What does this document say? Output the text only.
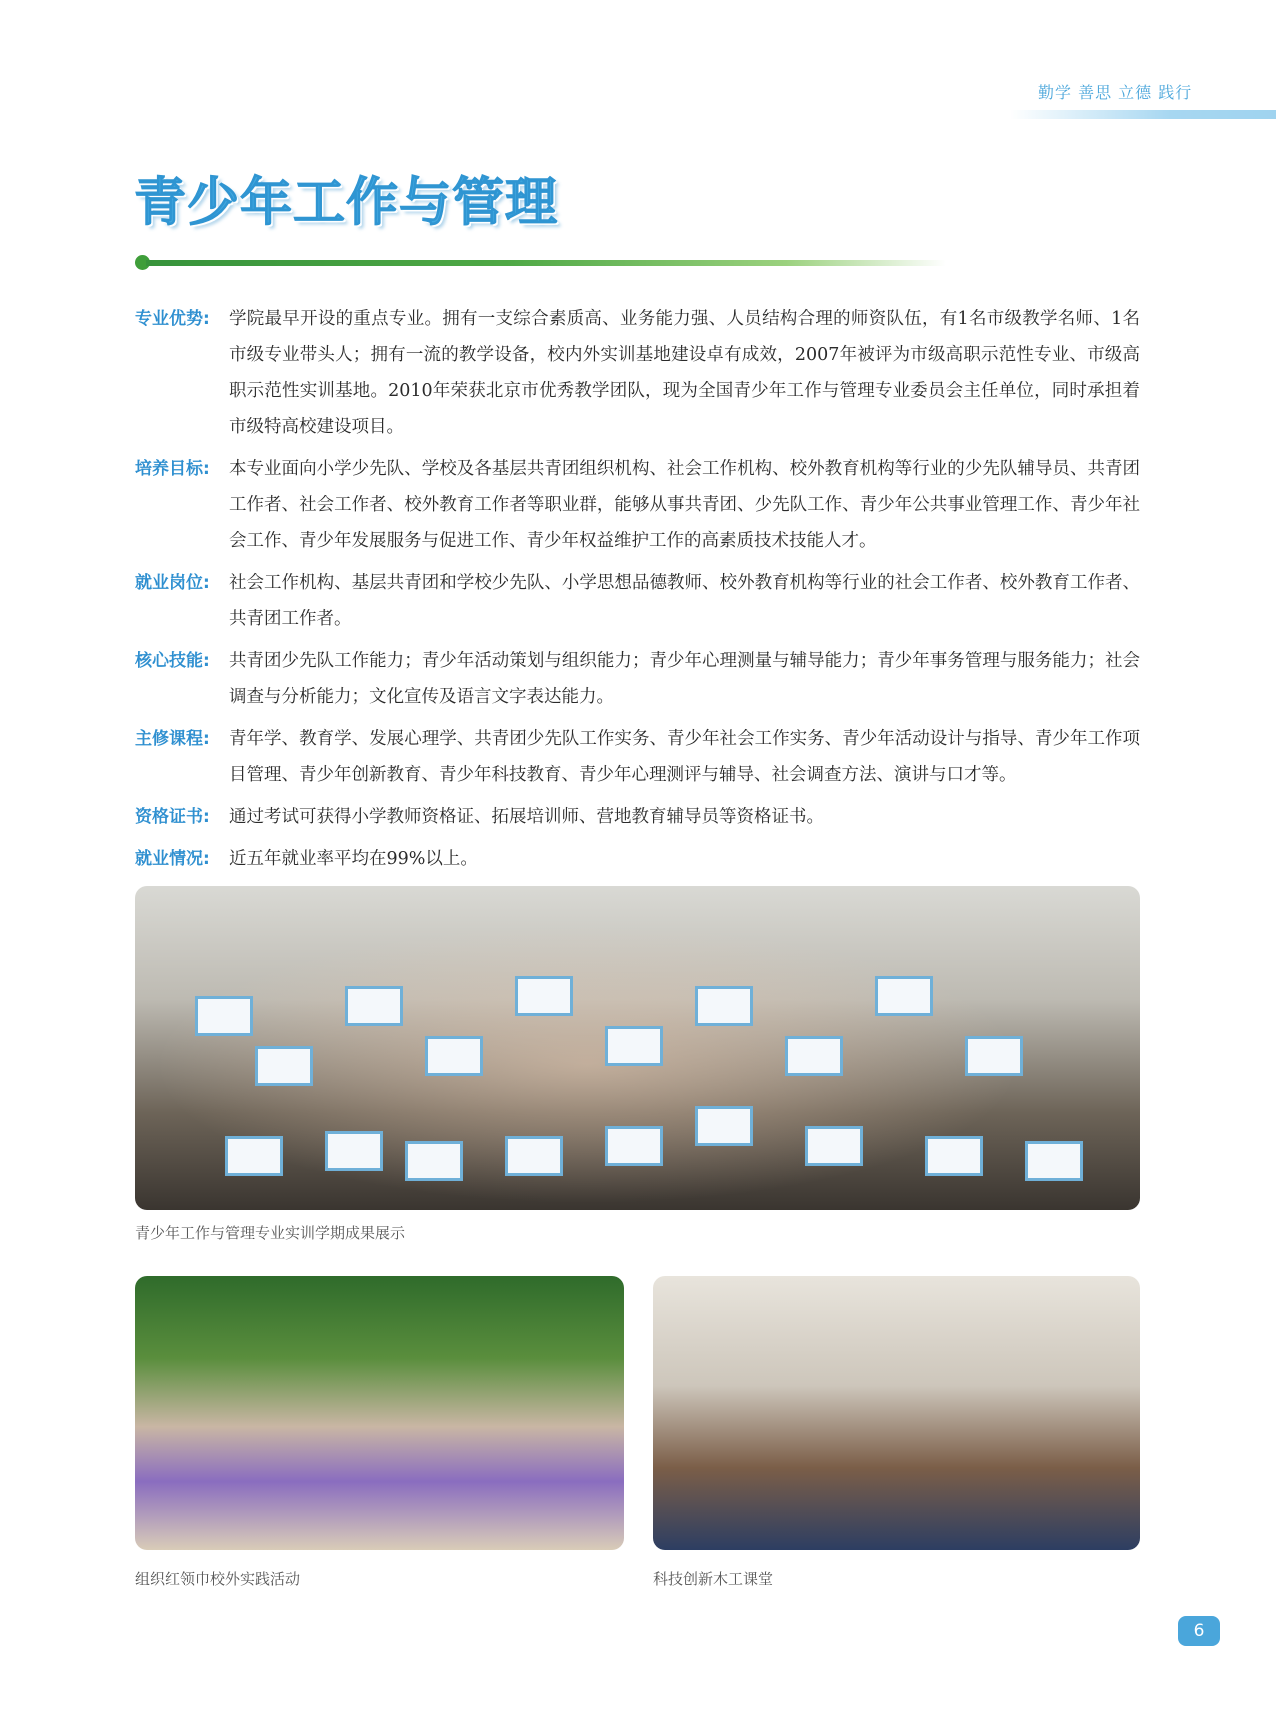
勤学 善思 立德 践行
青少年工作与管理
专业优势:	学院最早开设的重点专业。拥有一支综合素质高、业务能力强、人员结构合理的师资队伍，有1名市级教学名师、1名市级专业带头人；拥有一流的教学设备，校内外实训基地建设卓有成效，2007年被评为市级高职示范性专业、市级高职示范性实训基地。2010年荣获北京市优秀教学团队，现为全国青少年工作与管理专业委员会主任单位，同时承担着市级特高校建设项目。
培养目标:	本专业面向小学少先队、学校及各基层共青团组织机构、社会工作机构、校外教育机构等行业的少先队辅导员、共青团工作者、社会工作者、校外教育工作者等职业群，能够从事共青团、少先队工作、青少年公共事业管理工作、青少年社会工作、青少年发展服务与促进工作、青少年权益维护工作的高素质技术技能人才。
就业岗位:	社会工作机构、基层共青团和学校少先队、小学思想品德教师、校外教育机构等行业的社会工作者、校外教育工作者、共青团工作者。
核心技能:	共青团少先队工作能力；青少年活动策划与组织能力；青少年心理测量与辅导能力；青少年事务管理与服务能力；社会调查与分析能力；文化宣传及语言文字表达能力。
主修课程:	青年学、教育学、发展心理学、共青团少先队工作实务、青少年社会工作实务、青少年活动设计与指导、青少年工作项目管理、青少年创新教育、青少年科技教育、青少年心理测评与辅导、社会调查方法、演讲与口才等。
资格证书:	通过考试可获得小学教师资格证、拓展培训师、营地教育辅导员等资格证书。
就业情况:	近五年就业率平均在99%以上。
青少年工作与管理专业实训学期成果展示
组织红领巾校外实践活动	科技创新木工课堂
6
